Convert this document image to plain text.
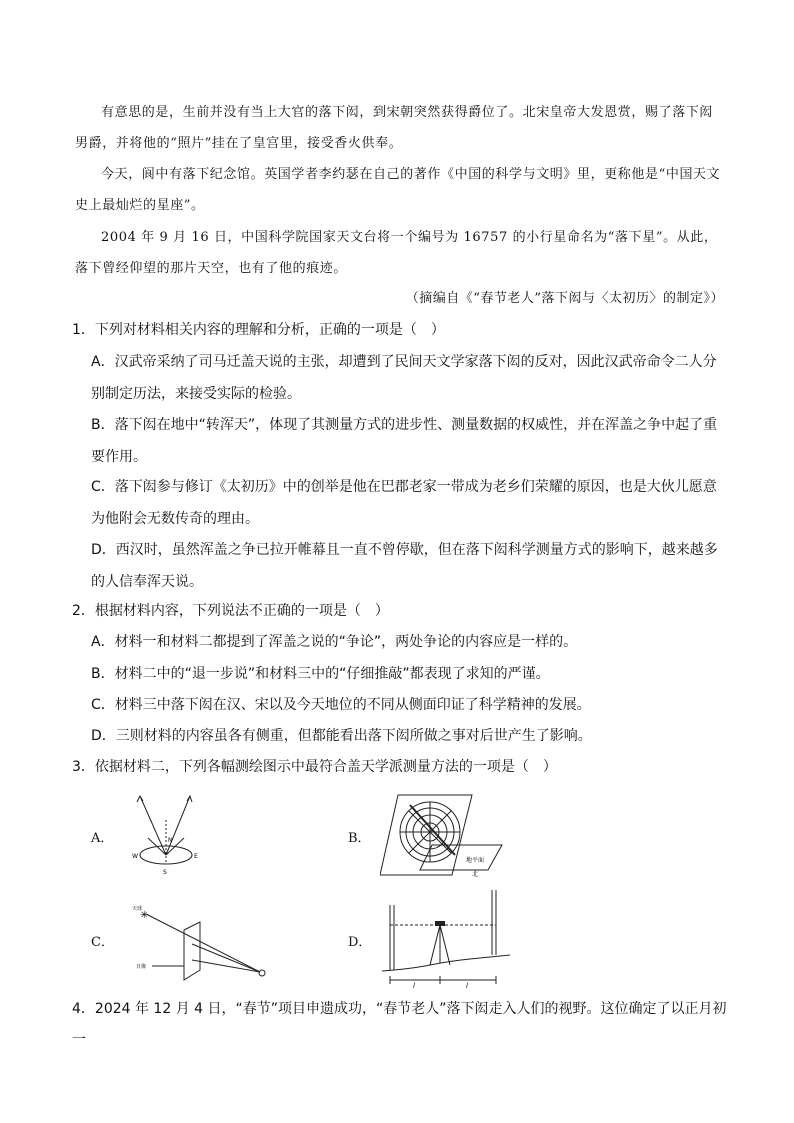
有意思的是，生前并没有当上大官的落下闳，到宋朝突然获得爵位了。北宋皇帝大发恩赏，赐了落下闳男爵，并将他的“照片”挂在了皇宫里，接受香火供奉。
今天，阆中有落下纪念馆。英国学者李约瑟在自己的著作《中国的科学与文明》里，更称他是“中国天文史上最灿烂的星座”。
2004 年 9 月 16 日，中国科学院国家天文台将一个编号为 16757 的小行星命名为“落下星”。从此，落下曾经仰望的那片天空，也有了他的痕迹。
（摘编自《“春节老人”落下闳与〈太初历〉的制定》）
1．下列对材料相关内容的理解和分析，正确的一项是（　）
A．汉武帝采纳了司马迁盖天说的主张，却遭到了民间天文学家落下闳的反对，因此汉武帝命令二人分别制定历法，来接受实际的检验。
B．落下闳在地中“转浑天”，体现了其测量方式的进步性、测量数据的权威性，并在浑盖之争中起了重要作用。
C．落下闳参与修订《太初历》中的创举是他在巴郡老家一带成为老乡们荣耀的原因，也是大伙儿愿意为他附会无数传奇的理由。
D．西汉时，虽然浑盖之争已拉开帷幕且一直不曾停歇，但在落下闳科学测量方式的影响下，越来越多的人信奉浑天说。
2．根据材料内容，下列说法不正确的一项是（　）
A．材料一和材料二都提到了浑盖之说的“争论”，两处争论的内容应是一样的。
B．材料二中的“退一步说”和材料三中的“仔细推敲”都表现了求知的严谨。
C．材料三中落下闳在汉、宋以及今天地位的不同从侧面印证了科学精神的发展。
D．三则材料的内容虽各有侧重，但都能看出落下闳所做之事对后世产生了影响。
3．依据材料二，下列各幅测绘图示中最符合盖天学派测量方法的一项是（　）
A．	B．
C．	D．
N
W	E
S
地平面
北
✳
天球
日像
l	l
4．2024 年 12 月 4 日，“春节”项目申遗成功，“春节老人”落下闳走入人们的视野。这位确定了以正月初一
